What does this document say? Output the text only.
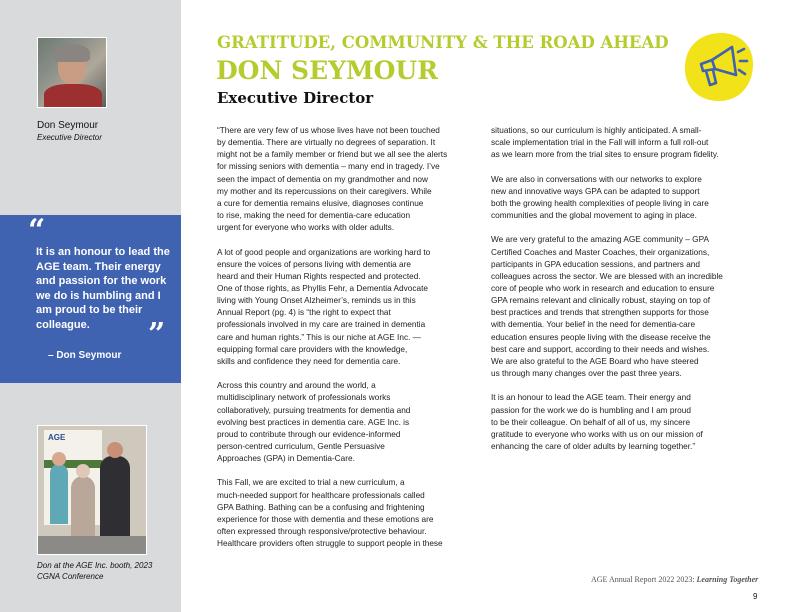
Don Seymour
Executive Director
“
It is an honour to lead the AGE team. Their energy and passion for the work we do is humbling and I am proud to be their colleague.	”
– Don Seymour
AGE
Don at the AGE Inc. booth, 2023
CGNA Conference
GRATITUDE, COMMUNITY & THE ROAD AHEAD
DON SEYMOUR
Executive Director

“There are very few of us whose lives have not been touched
by dementia. There are virtually no degrees of separation. It
might not be a family member or friend but we all see the alerts
for missing seniors with dementia – many end in tragedy. I’ve
seen the impact of dementia on my grandmother and now
my mother and its repercussions on their caregivers. While
a cure for dementia remains elusive, diagnoses continue
to rise, making the need for dementia-care education
urgent for everyone who works with older adults.

A lot of good people and organizations are working hard to
ensure the voices of persons living with dementia are
heard and their Human Rights respected and protected.
One of those rights, as Phyllis Fehr, a Dementia Advocate
living with Young Onset Alzheimer’s, reminds us in this
Annual Report (pg. 4) is “the right to expect that
professionals involved in my care are trained in dementia
care and human rights.” This is our niche at AGE Inc. —
equipping formal care providers with the knowledge,
skills and confidence they need for dementia care.

Across this country and around the world, a
multidisciplinary network of professionals works
collaboratively, pursuing treatments for dementia and
evolving best practices in dementia care. AGE Inc. is
proud to contribute through our evidence-informed
person-centred curriculum, Gentle Persuasive
Approaches (GPA) in Dementia-Care.

This Fall, we are excited to trial a new curriculum, a
much-needed support for healthcare professionals called
GPA Bathing. Bathing can be a confusing and frightening
experience for those with dementia and these emotions are
often expressed through responsive/protective behaviour.
Healthcare providers often struggle to support people in these

situations, so our curriculum is highly anticipated. A small-
scale implementation trial in the Fall will inform a full roll-out
as we learn more from the trial sites to ensure program fidelity.

We are also in conversations with our networks to explore
new and innovative ways GPA can be adapted to support
both the growing health complexities of people living in care
communities and the global movement to aging in place.

We are very grateful to the amazing AGE community – GPA
Certified Coaches and Master Coaches, their organizations,
participants in GPA education sessions, and partners and
colleagues across the sector. We are blessed with an incredible
core of people who work in research and education to ensure
GPA remains relevant and clinically robust, staying on top of
best practices and trends that strengthen supports for those
with dementia. Your belief in the need for dementia-care
education ensures people living with the disease receive the
best care and support, according to their needs and wishes.
We are also grateful to the AGE Board who have steered
us through many changes over the past three years.

It is an honour to lead the AGE team. Their energy and
passion for the work we do is humbling and I am proud
to be their colleague. On behalf of all of us, my sincere
gratitude to everyone who works with us on our mission of
enhancing the care of older adults by learning together.”

AGE Annual Report 2022 2023: Learning Together
9
